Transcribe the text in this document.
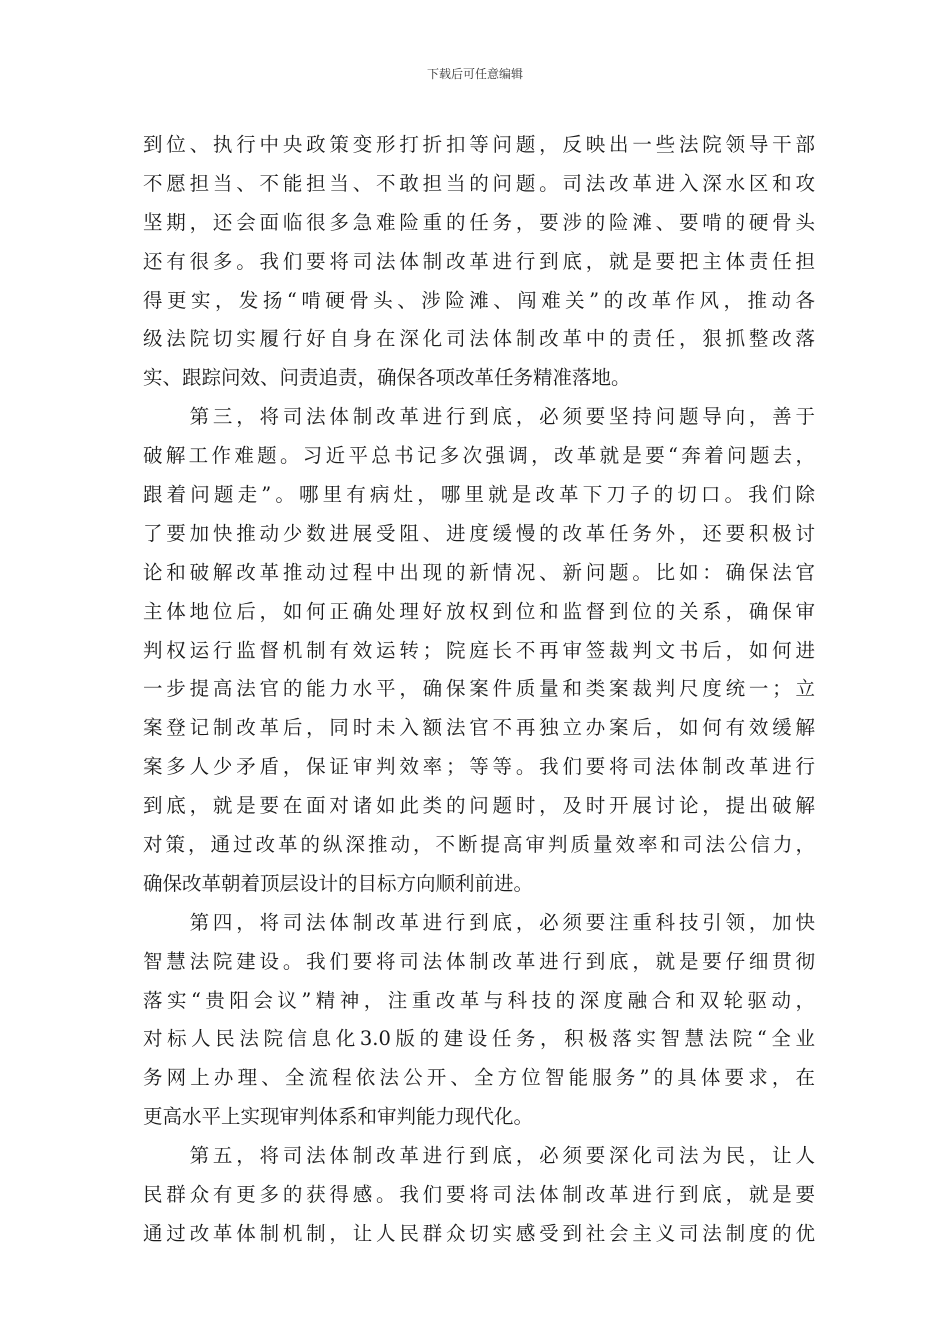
下载后可任意编辑
到位、执行中央政策变形打折扣等问题，反映出一些法院领导干部
不愿担当、不能担当、不敢担当的问题。司法改革进入深水区和攻
坚期，还会面临很多急难险重的任务，要涉的险滩、要啃的硬骨头
还有很多。我们要将司法体制改革进行到底，就是要把主体责任担
得更实，发扬“啃硬骨头、涉险滩、闯难关”的改革作风，推动各
级法院切实履行好自身在深化司法体制改革中的责任，狠抓整改落
实、跟踪问效、问责追责，确保各项改革任务精准落地。
　　第三，将司法体制改革进行到底，必须要坚持问题导向，善于
破解工作难题。习近平总书记多次强调，改革就是要“奔着问题去，
跟着问题走”。哪里有病灶，哪里就是改革下刀子的切口。我们除
了要加快推动少数进展受阻、进度缓慢的改革任务外，还要积极讨
论和破解改革推动过程中出现的新情况、新问题。比如：确保法官
主体地位后，如何正确处理好放权到位和监督到位的关系，确保审
判权运行监督机制有效运转；院庭长不再审签裁判文书后，如何进
一步提高法官的能力水平，确保案件质量和类案裁判尺度统一；立
案登记制改革后，同时未入额法官不再独立办案后，如何有效缓解
案多人少矛盾，保证审判效率；等等。我们要将司法体制改革进行
到底，就是要在面对诸如此类的问题时，及时开展讨论，提出破解
对策，通过改革的纵深推动，不断提高审判质量效率和司法公信力，
确保改革朝着顶层设计的目标方向顺利前进。
　　第四，将司法体制改革进行到底，必须要注重科技引领，加快
智慧法院建设。我们要将司法体制改革进行到底，就是要仔细贯彻
落实“贵阳会议”精神，注重改革与科技的深度融合和双轮驱动，
对标人民法院信息化3.0版的建设任务，积极落实智慧法院“全业
务网上办理、全流程依法公开、全方位智能服务”的具体要求，在
更高水平上实现审判体系和审判能力现代化。
　　第五，将司法体制改革进行到底，必须要深化司法为民，让人
民群众有更多的获得感。我们要将司法体制改革进行到底，就是要
通过改革体制机制，让人民群众切实感受到社会主义司法制度的优
